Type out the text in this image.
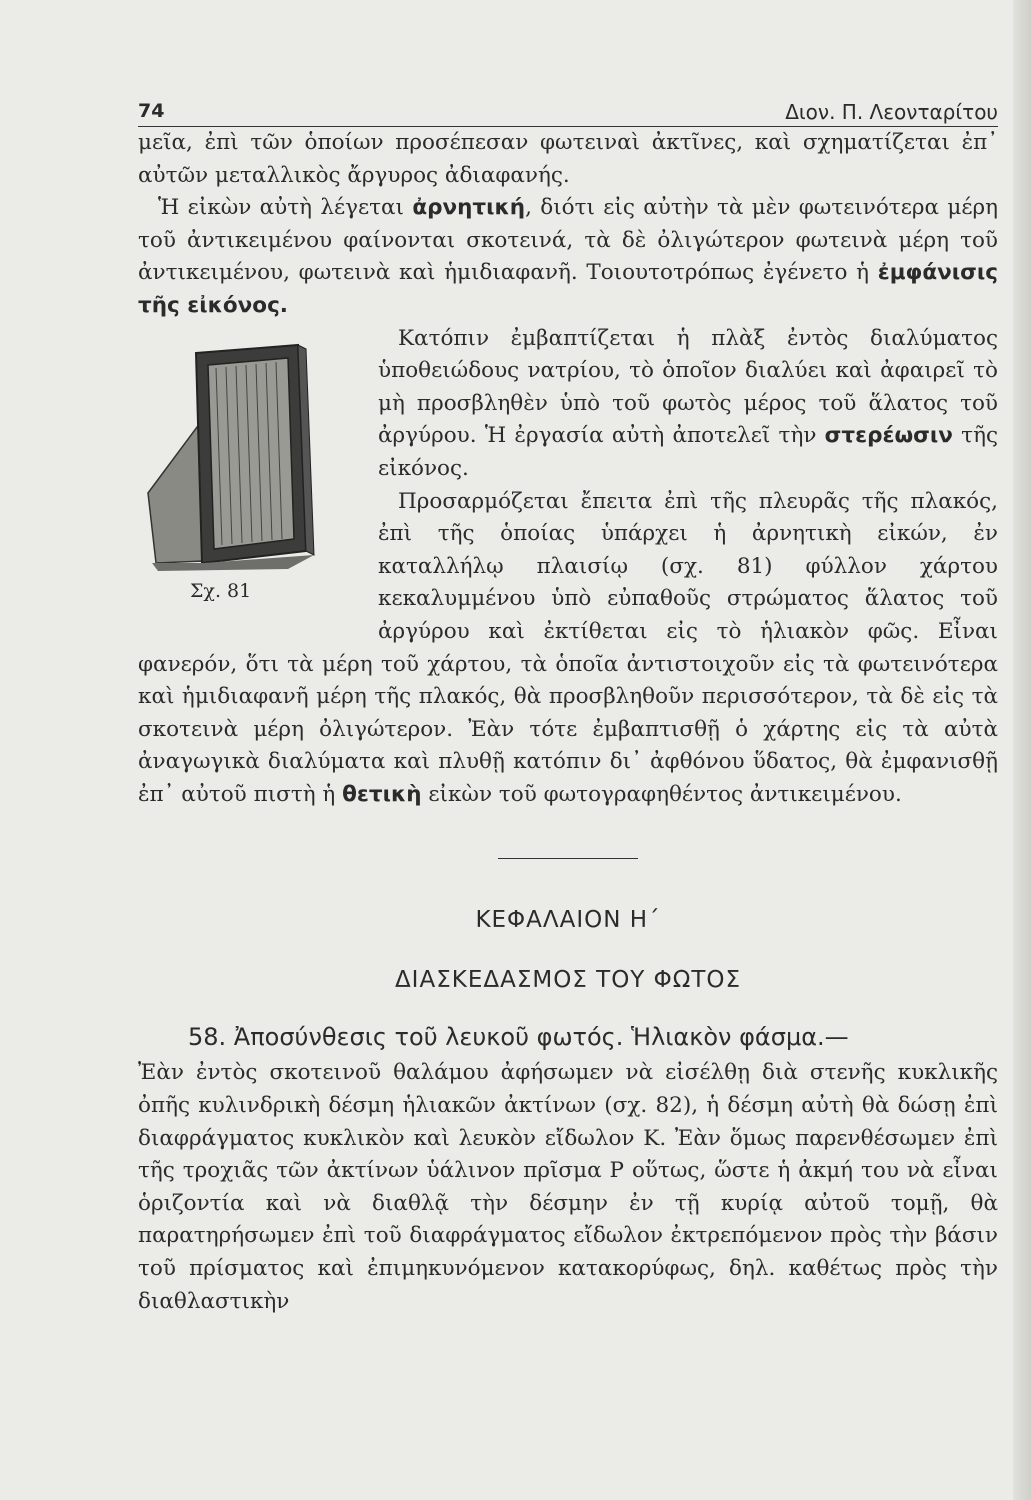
74	Διον. Π. Λεονταρίτου

μεῖα, ἐπὶ τῶν ὁποίων προσέπεσαν φωτειναὶ ἀκτῖνες, καὶ σχηματίζεται ἐπ᾽ αὐτῶν μεταλλικὸς ἄργυρος ἀδιαφανής.

Ἡ εἰκὼν αὐτὴ λέγεται ἀρνητική, διότι εἰς αὐτὴν τὰ μὲν φωτεινότερα μέρη τοῦ ἀντικειμένου φαίνονται σκοτεινά, τὰ δὲ ὀλιγώτερον φωτεινὰ μέρη τοῦ ἀντικειμένου, φωτεινὰ καὶ ἡμιδιαφανῆ. Τοιουτοτρόπως ἐγένετο ἡ ἐμφάνισις τῆς εἰκόνος.

Σχ. 81

Κατόπιν ἐμβαπτίζεται ἡ πλὰξ ἐντὸς διαλύματος ὑποθειώδους νατρίου, τὸ ὁποῖον διαλύει καὶ ἀφαιρεῖ τὸ μὴ προσβληθὲν ὑπὸ τοῦ φωτὸς μέρος τοῦ ἅλατος τοῦ ἀργύρου. Ἡ ἐργασία αὐτὴ ἀποτελεῖ τὴν στερέωσιν τῆς εἰκόνος.

Προσαρμόζεται ἔπειτα ἐπὶ τῆς πλευρᾶς τῆς πλακός, ἐπὶ τῆς ὁποίας ὑπάρχει ἡ ἀρνητικὴ εἰκών, ἐν καταλλήλῳ πλαισίῳ (σχ. 81) φύλλον χάρτου κεκαλυμμένου ὑπὸ εὐπαθοῦς στρώματος ἅλατος τοῦ ἀργύρου καὶ ἐκτίθεται εἰς τὸ ἡλιακὸν φῶς. Εἶναι φανερόν, ὅτι τὰ μέρη τοῦ χάρτου, τὰ ὁποῖα ἀντιστοιχοῦν εἰς τὰ φωτεινότερα καὶ ἡμιδιαφανῆ μέρη τῆς πλακός, θὰ προσβληθοῦν περισσότερον, τὰ δὲ εἰς τὰ σκοτεινὰ μέρη ὀλιγώτερον. Ἐὰν τότε ἐμβαπτισθῇ ὁ χάρτης εἰς τὰ αὐτὰ ἀναγωγικὰ διαλύματα καὶ πλυθῇ κατόπιν δι᾽ ἀφθόνου ὕδατος, θὰ ἐμφανισθῇ ἐπ᾽ αὐτοῦ πιστὴ ἡ θετικὴ εἰκὼν τοῦ φωτογραφηθέντος ἀντικειμένου.

ΚΕΦΑΛΑΙΟΝ Η΄
ΔΙΑΣΚΕΔΑΣΜΟΣ ΤΟΥ ΦΩΤΟΣ
58. Ἀποσύνθεσις τοῦ λευκοῦ φωτός. Ἡλιακὸν φάσμα.—

Ἐὰν ἐντὸς σκοτεινοῦ θαλάμου ἀφήσωμεν νὰ εἰσέλθῃ διὰ στενῆς κυκλικῆς ὀπῆς κυλινδρικὴ δέσμη ἡλιακῶν ἀκτίνων (σχ. 82), ἡ δέσμη αὐτὴ θὰ δώσῃ ἐπὶ διαφράγματος κυκλικὸν καὶ λευκὸν εἴδωλον Κ. Ἐὰν ὅμως παρενθέσωμεν ἐπὶ τῆς τροχιᾶς τῶν ἀκτίνων ὑάλινον πρῖσμα Ρ οὕτως, ὥστε ἡ ἀκμή του νὰ εἶναι ὁριζοντία καὶ νὰ διαθλᾷ τὴν δέσμην ἐν τῇ κυρίᾳ αὐτοῦ τομῇ, θὰ παρατηρήσωμεν ἐπὶ τοῦ διαφράγματος εἴδωλον ἐκτρεπόμενον πρὸς τὴν βάσιν τοῦ πρίσματος καὶ ἐπιμηκυνόμενον κατακορύφως, δηλ. καθέτως πρὸς τὴν διαθλαστικὴν
